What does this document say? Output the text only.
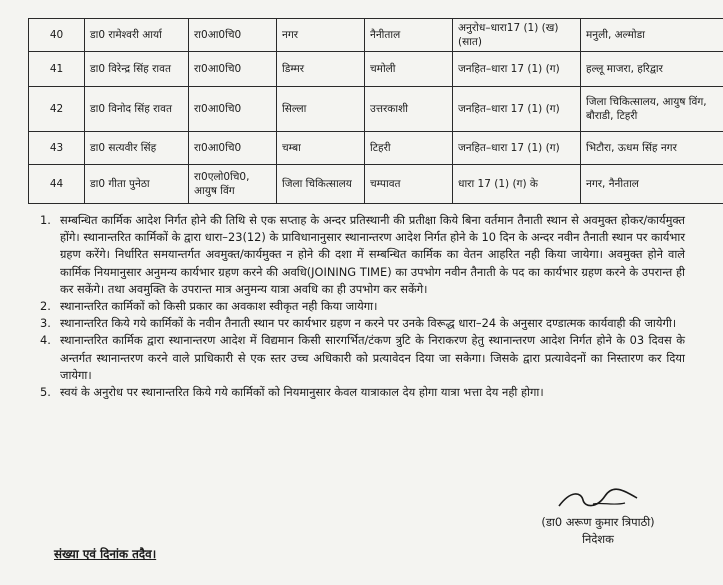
40	डा0 रामेश्वरी आर्या	रा0आ0चि0	नगर	नैनीताल	अनुरोध–धारा17 (1) (ख) (सात)	मनुली, अल्मोडा
41	डा0 विरेन्द्र सिंह रावत	रा0आ0चि0	डिम्मर	चमोली	जनहित–धारा 17 (1) (ग)	हल्लू माजरा, हरिद्वार
42	डा0 विनोद सिंह रावत	रा0आ0चि0	सिल्ला	उत्तरकाशी	जनहित–धारा 17 (1) (ग)	जिला चिकित्सालय, आयुष विंग, बौराडी, टिहरी
43	डा0 सत्यवीर सिंह	रा0आ0चि0	चम्बा	टिहरी	जनहित–धारा 17 (1) (ग)	भिटौरा, ऊधम सिंह नगर
44	डा0 गीता पुनेठा	रा0एलो0चि0, आयुष विंग	जिला चिकित्सालय	चम्पावत	धारा 17 (1) (ग) के	नगर, नैनीताल
1. सम्बन्धित कार्मिक आदेश निर्गत होने की तिथि से एक सप्ताह के अन्दर प्रतिस्थानी की प्रतीक्षा किये बिना वर्तमान तैनाती स्थान से अवमुक्त होकर/कार्यमुक्त होंगे। स्थानान्तरित कार्मिकों के द्वारा धारा–23(12) के प्राविधानानुसार स्थानान्तरण आदेश निर्गत होने के 10 दिन के अन्दर नवीन तैनाती स्थान पर कार्यभार ग्रहण करेंगे। निर्धारित समयान्तर्गत अवमुक्त/कार्यमुक्त न होने की दशा में सम्बन्धित कार्मिक का वेतन आहरित नही किया जायेगा। अवमुक्त होने वाले कार्मिक नियमानुसार अनुमन्य कार्यभार ग्रहण करने की अवधि(JOINING TIME) का उपभोग नवीन तैनाती के पद का कार्यभार ग्रहण करने के उपरान्त ही कर सकेंगे। तथा अवमुक्ति के उपरान्त मात्र अनुमन्य यात्रा अवधि का ही उपभोग कर सकेंगे।
2. स्थानान्तरित कार्मिकों को किसी प्रकार का अवकाश स्वीकृत नही किया जायेगा।
3. स्थानान्तरित किये गये कार्मिकों के नवीन तैनाती स्थान पर कार्यभार ग्रहण न करने पर उनके विरूद्ध धारा–24 के अनुसार दण्डात्मक कार्यवाही की जायेगी।
4. स्थानान्तरित कार्मिक द्वारा स्थानान्तरण आदेश में विद्यमान किसी सारगर्भित/टंकण त्रुटि के निराकरण हेतु स्थानान्तरण आदेश निर्गत होने के 03 दिवस के अन्तर्गत स्थानान्तरण करने वाले प्राधिकारी से एक स्तर उच्च अधिकारी को प्रत्यावेदन दिया जा सकेगा। जिसके द्वारा प्रत्यावेदनों का निस्तारण कर दिया जायेगा।
5. स्वयं के अनुरोध पर स्थानान्तरित किये गये कार्मिकों को नियमानुसार केवल यात्राकाल देय होगा यात्रा भत्ता देय नही होगा।
(डा0 अरूण कुमार त्रिपाठी)
निदेशक
संख्या एवं दिनांक तदैव।
